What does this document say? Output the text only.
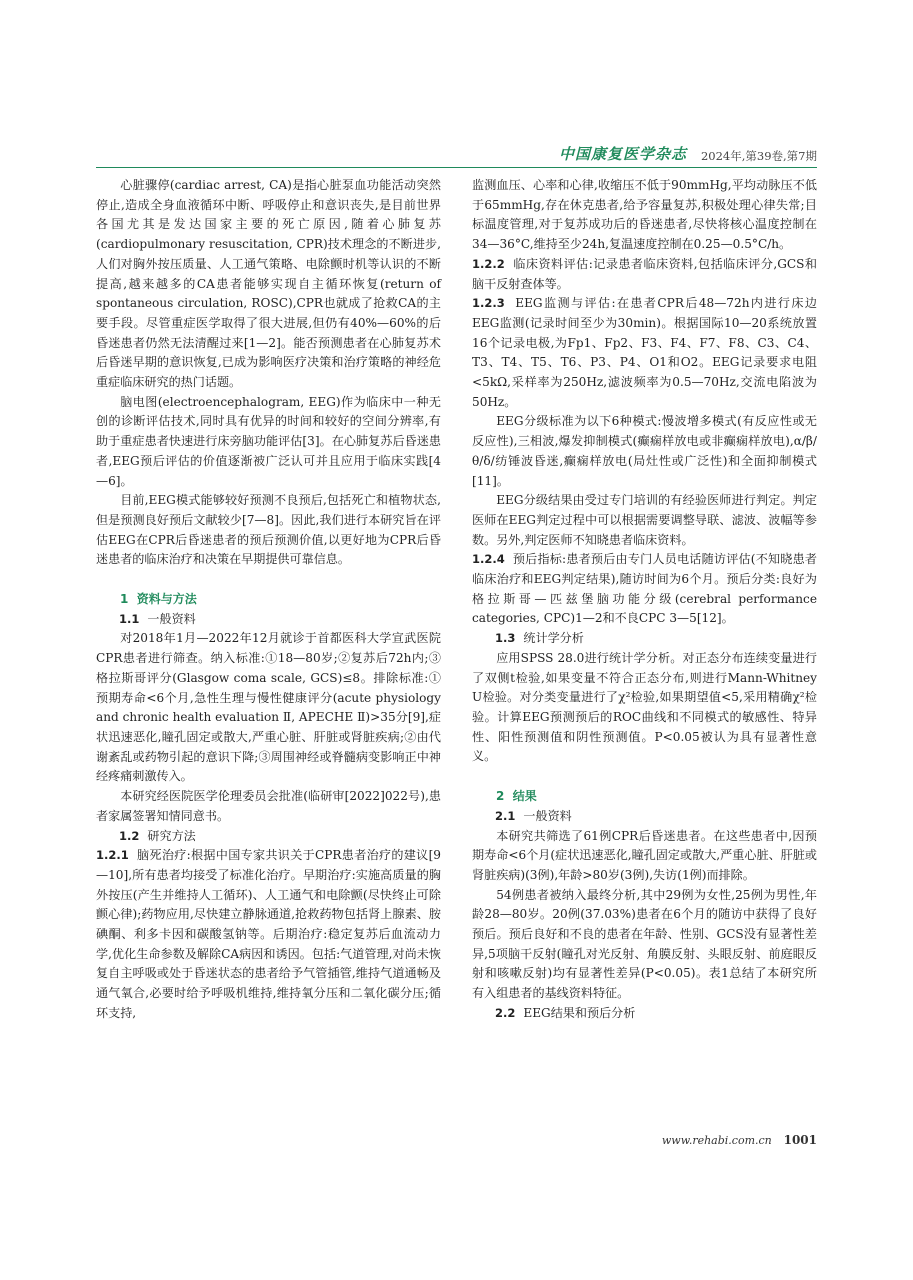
中国康复医学杂志 2024年,第39卷,第7期

心脏骤停(cardiac arrest, CA)是指心脏泵血功能活动突然停止,造成全身血液循环中断、呼吸停止和意识丧失,是目前世界各国尤其是发达国家主要的死亡原因,随着心肺复苏(cardiopulmonary resuscitation, CPR)技术理念的不断进步,人们对胸外按压质量、人工通气策略、电除颤时机等认识的不断提高,越来越多的CA患者能够实现自主循环恢复(return of spontaneous circulation, ROSC),CPR也就成了抢救CA的主要手段。尽管重症医学取得了很大进展,但仍有40%—60%的后昏迷患者仍然无法清醒过来[1—2]。能否预测患者在心肺复苏术后昏迷早期的意识恢复,已成为影响医疗决策和治疗策略的神经危重症临床研究的热门话题。

脑电图(electroencephalogram, EEG)作为临床中一种无创的诊断评估技术,同时具有优异的时间和较好的空间分辨率,有助于重症患者快速进行床旁脑功能评估[3]。在心肺复苏后昏迷患者,EEG预后评估的价值逐渐被广泛认可并且应用于临床实践[4—6]。

目前,EEG模式能够较好预测不良预后,包括死亡和植物状态,但是预测良好预后文献较少[7—8]。因此,我们进行本研究旨在评估EEG在CPR后昏迷患者的预后预测价值,以更好地为CPR后昏迷患者的临床治疗和决策在早期提供可靠信息。

1 资料与方法

1.1 一般资料

对2018年1月—2022年12月就诊于首都医科大学宣武医院CPR患者进行筛查。纳入标准:①18—80岁;②复苏后72h内;③格拉斯哥评分(Glasgow coma scale, GCS)≤8。排除标准:①预期寿命<6个月,急性生理与慢性健康评分(acute physiology and chronic health evaluation Ⅱ, APECHE Ⅱ)>35分[9],症状迅速恶化,瞳孔固定或散大,严重心脏、肝脏或肾脏疾病;②由代谢紊乱或药物引起的意识下降;③周围神经或脊髓病变影响正中神经疼痛刺激传入。

本研究经医院医学伦理委员会批准(临研审[2022]022号),患者家属签署知情同意书。

1.2 研究方法

1.2.1 脑死治疗:根据中国专家共识关于CPR患者治疗的建议[9—10],所有患者均接受了标准化治疗。早期治疗:实施高质量的胸外按压(产生并维持人工循环)、人工通气和电除颤(尽快终止可除颤心律);药物应用,尽快建立静脉通道,抢救药物包括肾上腺素、胺碘酮、利多卡因和碳酸氢钠等。后期治疗:稳定复苏后血流动力学,优化生命参数及解除CA病因和诱因。包括:气道管理,对尚未恢复自主呼吸或处于昏迷状态的患者给予气管插管,维持气道通畅及通气氧合,必要时给予呼吸机维持,维持氧分压和二氧化碳分压;循环支持,

监测血压、心率和心律,收缩压不低于90mmHg,平均动脉压不低于65mmHg,存在休克患者,给予容量复苏,积极处理心律失常;目标温度管理,对于复苏成功后的昏迷患者,尽快将核心温度控制在34—36°C,维持至少24h,复温速度控制在0.25—0.5°C/h。

1.2.2 临床资料评估:记录患者临床资料,包括临床评分,GCS和脑干反射查体等。

1.2.3 EEG监测与评估:在患者CPR后48—72h内进行床边EEG监测(记录时间至少为30min)。根据国际10—20系统放置16个记录电极,为Fp1、Fp2、F3、F4、F7、F8、C3、C4、T3、T4、T5、T6、P3、P4、O1和O2。EEG记录要求电阻<5kΩ,采样率为250Hz,滤波频率为0.5—70Hz,交流电陷波为50Hz。

EEG分级标准为以下6种模式:慢波增多模式(有反应性或无反应性),三相波,爆发抑制模式(癫痫样放电或非癫痫样放电),α/β/θ/δ/纺锤波昏迷,癫痫样放电(局灶性或广泛性)和全面抑制模式[11]。

EEG分级结果由受过专门培训的有经验医师进行判定。判定医师在EEG判定过程中可以根据需要调整导联、滤波、波幅等参数。另外,判定医师不知晓患者临床资料。

1.2.4 预后指标:患者预后由专门人员电话随访评估(不知晓患者临床治疗和EEG判定结果),随访时间为6个月。预后分类:良好为格拉斯哥—匹兹堡脑功能分级(cerebral performance categories, CPC)1—2和不良CPC 3—5[12]。

1.3 统计学分析

应用SPSS 28.0进行统计学分析。对正态分布连续变量进行了双侧t检验,如果变量不符合正态分布,则进行Mann-Whitney U检验。对分类变量进行了χ²检验,如果期望值<5,采用精确χ²检验。计算EEG预测预后的ROC曲线和不同模式的敏感性、特异性、阳性预测值和阴性预测值。P<0.05被认为具有显著性意义。

2 结果

2.1 一般资料

本研究共筛选了61例CPR后昏迷患者。在这些患者中,因预期寿命<6个月(症状迅速恶化,瞳孔固定或散大,严重心脏、肝脏或肾脏疾病)(3例),年龄>80岁(3例),失访(1例)而排除。

54例患者被纳入最终分析,其中29例为女性,25例为男性,年龄28—80岁。20例(37.03%)患者在6个月的随访中获得了良好预后。预后良好和不良的患者在年龄、性别、GCS没有显著性差异,5项脑干反射(瞳孔对光反射、角膜反射、头眼反射、前庭眼反射和咳嗽反射)均有显著性差异(P<0.05)。表1总结了本研究所有入组患者的基线资料特征。

2.2 EEG结果和预后分析

www.rehabi.com.cn 1001
